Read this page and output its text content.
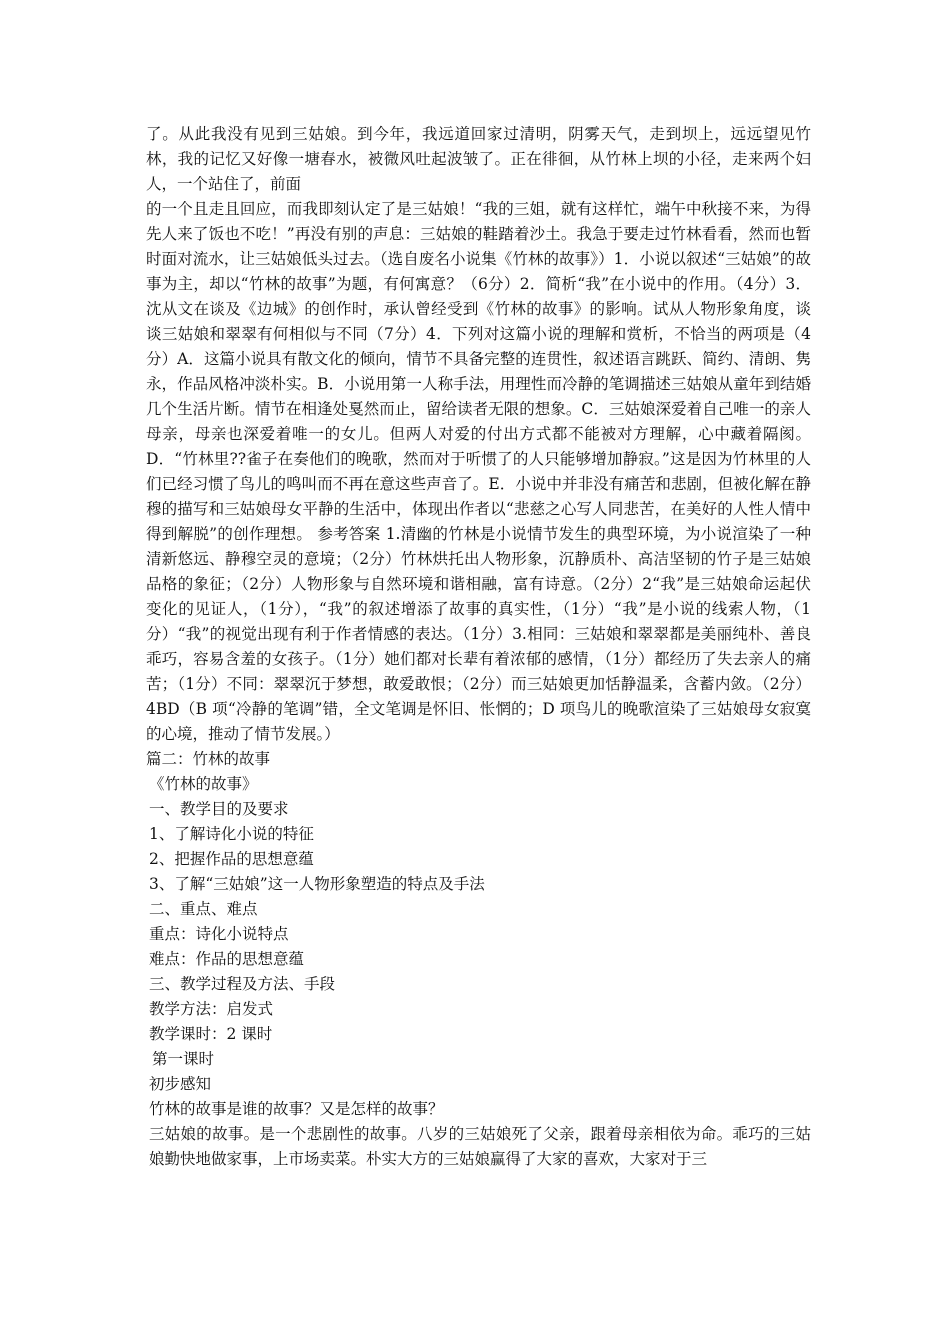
了。从此我没有见到三姑娘。到今年，我远道回家过清明，阴雾天气，走到坝上，远远望见竹林，我的记忆又好像一塘春水，被微风吐起波皱了。正在徘徊，从竹林上坝的小径，走来两个妇人，一个站住了，前面

的一个且走且回应，而我即刻认定了是三姑娘！“我的三姐，就有这样忙，端午中秋接不来，为得先人来了饭也不吃！”再没有别的声息：三姑娘的鞋踏着沙土。我急于要走过竹林看看，然而也暂时面对流水，让三姑娘低头过去。（选自废名小说集《竹林的故事》）1．小说以叙述“三姑娘”的故事为主，却以“竹林的故事”为题，有何寓意？（6分）2．简析“我”在小说中的作用。（4分）3．沈从文在谈及《边城》的创作时，承认曾经受到《竹林的故事》的影响。试从人物形象角度，谈谈三姑娘和翠翠有何相似与不同（7分）4．下列对这篇小说的理解和赏析，不恰当的两项是（4分）A．这篇小说具有散文化的倾向，情节不具备完整的连贯性，叙述语言跳跃、简约、清朗、隽永，作品风格冲淡朴实。B．小说用第一人称手法，用理性而冷静的笔调描述三姑娘从童年到结婚几个生活片断。情节在相逢处戛然而止，留给读者无限的想象。C．三姑娘深爱着自己唯一的亲人母亲，母亲也深爱着唯一的女儿。但两人对爱的付出方式都不能被对方理解，心中藏着隔阂。D．“竹林里??雀子在奏他们的晚歌，然而对于听惯了的人只能够增加静寂。”这是因为竹林里的人们已经习惯了鸟儿的鸣叫而不再在意这些声音了。E．小说中并非没有痛苦和悲剧，但被化解在静穆的描写和三姑娘母女平静的生活中，体现出作者以“悲慈之心写人同悲苦，在美好的人性人情中得到解脱”的创作理想。 参考答案 1.清幽的竹林是小说情节发生的典型环境，为小说渲染了一种清新悠远、静穆空灵的意境；（2分）竹林烘托出人物形象，沉静质朴、高洁坚韧的竹子是三姑娘品格的象征；（2分）人物形象与自然环境和谐相融，富有诗意。（2分）2“我”是三姑娘命运起伏变化的见证人，（1分），“我”的叙述增添了故事的真实性，（1分）“我”是小说的线索人物，（1分）“我”的视觉出现有利于作者情感的表达。（1分）3.相同：三姑娘和翠翠都是美丽纯朴、善良乖巧，容易含羞的女孩子。（1分）她们都对长辈有着浓郁的感情，（1分）都经历了失去亲人的痛苦；（1分）不同：翠翠沉于梦想，敢爱敢恨；（2分）而三姑娘更加恬静温柔，含蓄内敛。（2分）4BD（B 项“冷静的笔调”错，全文笔调是怀旧、怅惘的；D 项鸟儿的晚歌渲染了三姑娘母女寂寞的心境，推动了情节发展。）

篇二：竹林的故事

《竹林的故事》

一、教学目的及要求

1、了解诗化小说的特征

2、把握作品的思想意蕴

3、了解“三姑娘”这一人物形象塑造的特点及手法

二、重点、难点

重点：诗化小说特点

难点：作品的思想意蕴

三、教学过程及方法、手段

教学方法：启发式

教学课时：2 课时

第一课时

初步感知

竹林的故事是谁的故事？又是怎样的故事？

三姑娘的故事。是一个悲剧性的故事。八岁的三姑娘死了父亲，跟着母亲相依为命。乖巧的三姑娘勤快地做家事，上市场卖菜。朴实大方的三姑娘赢得了大家的喜欢，大家对于三
